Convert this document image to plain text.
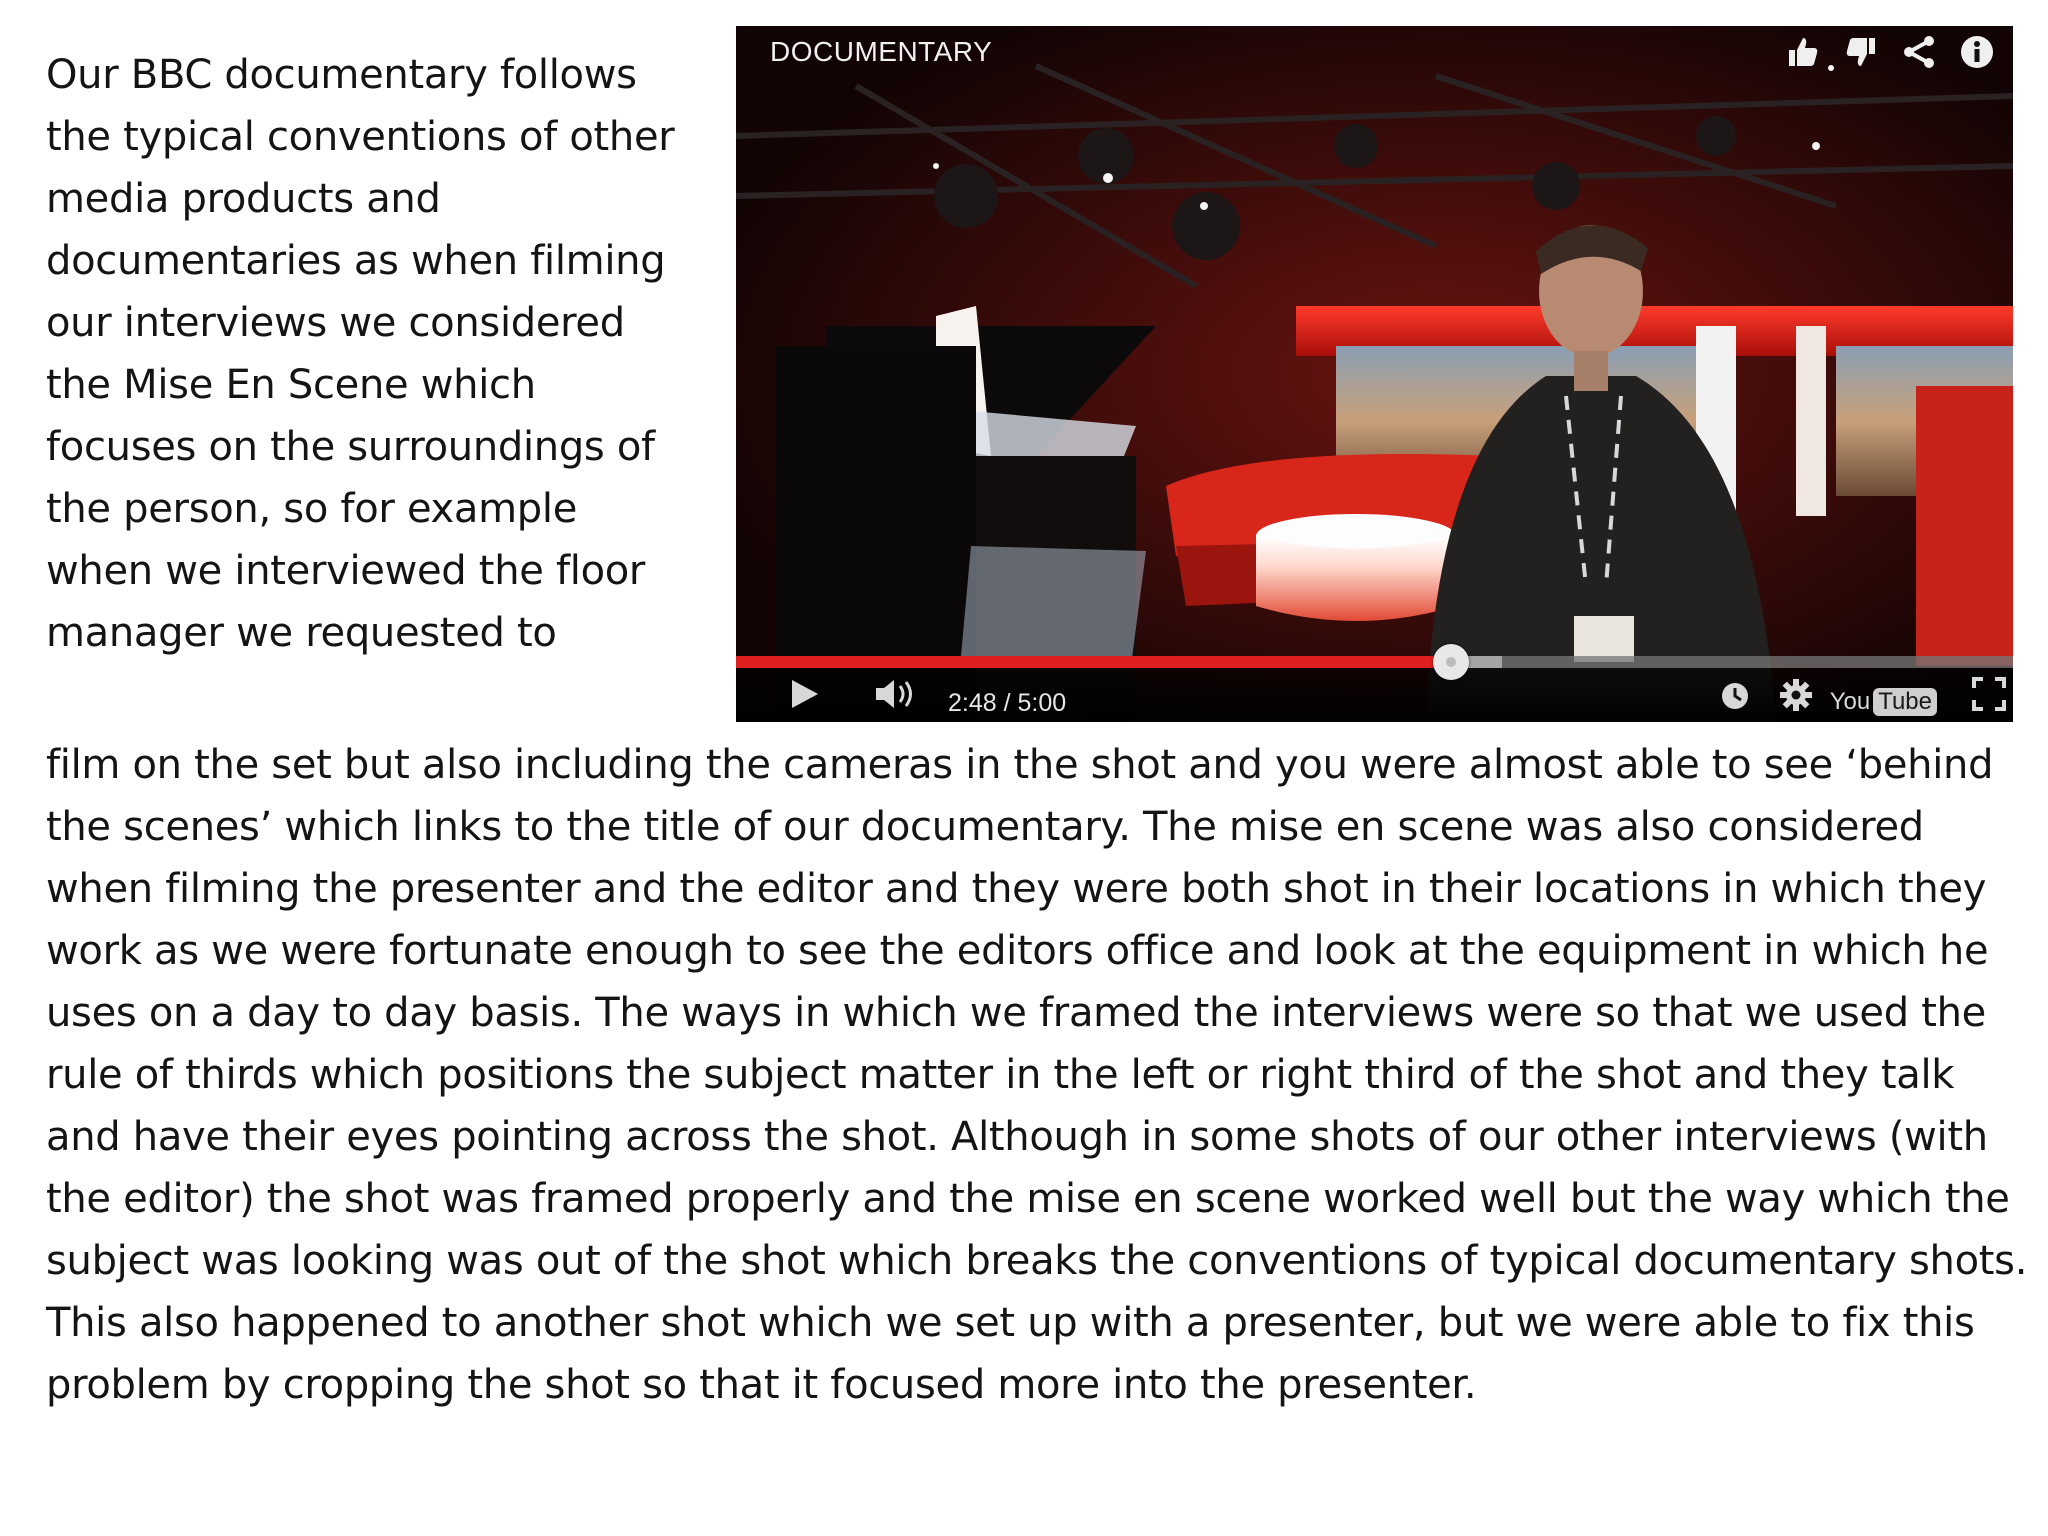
Our BBC documentary follows the typical conventions of other media products and documentaries as when filming our interviews we considered the Mise En Scene which focuses on the surroundings of the person, so for example when we interviewed the floor manager we requested to

DOCUMENTARY
2:48 / 5:00	You Tube

film on the set but also including the cameras in the shot and you were almost able to see ‘behind the scenes’ which links to the title of our documentary. The mise en scene was also considered when filming the presenter and the editor and they were both shot in their locations in which they work as we were fortunate enough to see the editors office and look at the equipment in which he uses on a day to day basis. The ways in which we framed the interviews were so that we used the rule of thirds which positions the subject matter in the left or right third of the shot and they talk and have their eyes pointing across the shot. Although in some shots of our other interviews (with the editor) the shot was framed properly and the mise en scene worked well but the way which the subject was looking was out of the shot which breaks the conventions of typical documentary shots. This also happened to another shot which we set up with a presenter, but we were able to fix this problem by cropping the shot so that it focused more into the presenter.
